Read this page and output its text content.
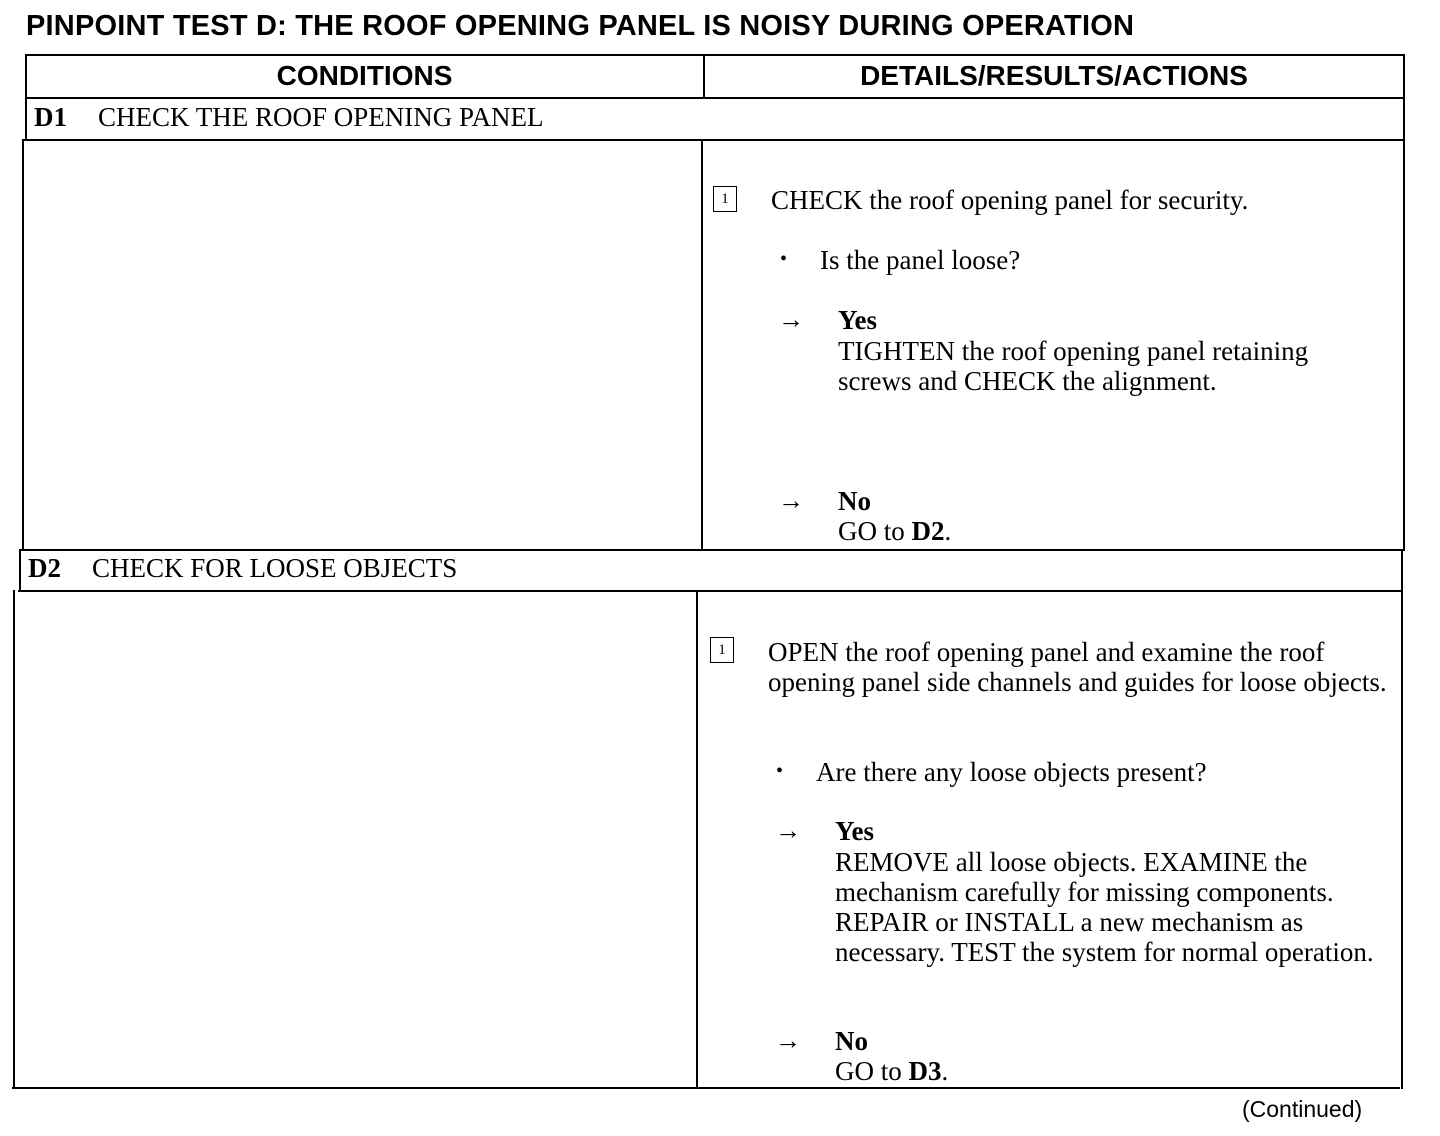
PINPOINT TEST D: THE ROOF OPENING PANEL IS NOISY DURING OPERATION
CONDITIONS	DETAILS/RESULTS/ACTIONS
D1 CHECK THE ROOF OPENING PANEL
1	CHECK the roof opening panel for security.
• Is the panel loose?
→ Yes
TIGHTEN the roof opening panel retaining screws and CHECK the alignment.
→ No
GO to D2.
D2 CHECK FOR LOOSE OBJECTS
1	OPEN the roof opening panel and examine the roof opening panel side channels and guides for loose objects.
• Are there any loose objects present?
→ Yes
REMOVE all loose objects. EXAMINE the mechanism carefully for missing components. REPAIR or INSTALL a new mechanism as necessary. TEST the system for normal operation.
→ No
GO to D3.
(Continued)
